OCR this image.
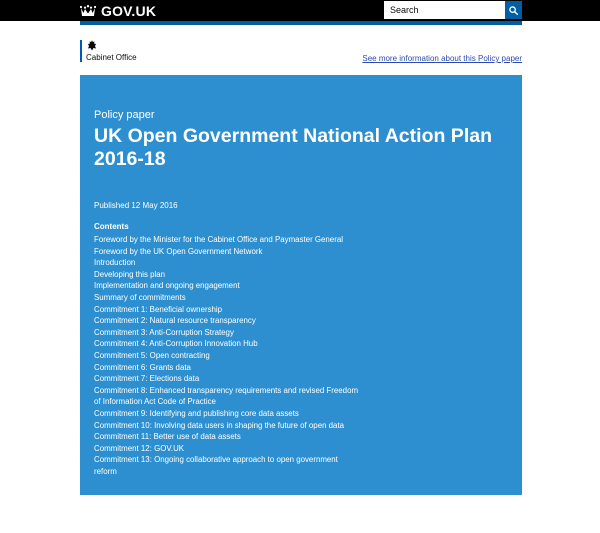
GOV.UK
Search
Cabinet Office	See more information about this Policy paper
Policy paper
UK Open Government National Action Plan 2016-18
Published 12 May 2016
Contents
Foreword by the Minister for the Cabinet Office and Paymaster General
Foreword by the UK Open Government Network
Introduction
Developing this plan
Implementation and ongoing engagement
Summary of commitments
Commitment 1: Beneficial ownership
Commitment 2: Natural resource transparency
Commitment 3: Anti-Corruption Strategy
Commitment 4: Anti-Corruption Innovation Hub
Commitment 5: Open contracting
Commitment 6: Grants data
Commitment 7: Elections data
Commitment 8: Enhanced transparency requirements and revised Freedom
of Information Act Code of Practice
Commitment 9: Identifying and publishing core data assets
Commitment 10: Involving data users in shaping the future of open data
Commitment 11: Better use of data assets
Commitment 12: GOV.UK
Commitment 13: Ongoing collaborative approach to open government
reform
